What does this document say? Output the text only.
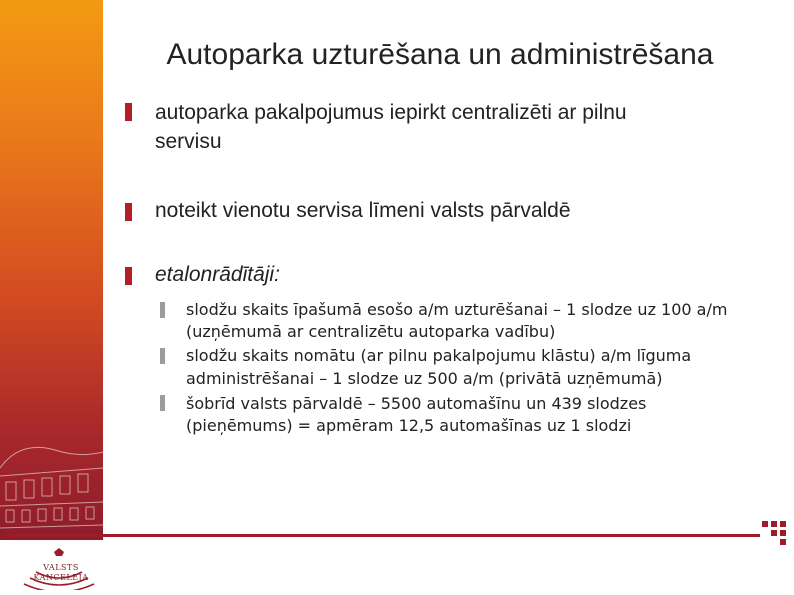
Autoparka uzturēšana un administrēšana
autoparka pakalpojumus iepirkt centralizēti ar pilnu
servisu
noteikt vienotu servisa līmeni valsts pārvaldē
etalonrādītāji:
slodžu skaits īpašumā esošo a/m uzturēšanai – 1 slodze uz 100 a/m
(uzņēmumā ar centralizētu autoparka vadību)
slodžu skaits nomātu (ar pilnu pakalpojumu klāstu) a/m līguma
administrēšanai – 1 slodze uz 500 a/m (privātā uzņēmumā)
šobrīd valsts pārvaldē – 5500 automašīnu un 439 slodzes
(pieņēmums) = apmēram 12,5 automašīnas uz 1 slodzi
VALSTS
KANCELEJA
